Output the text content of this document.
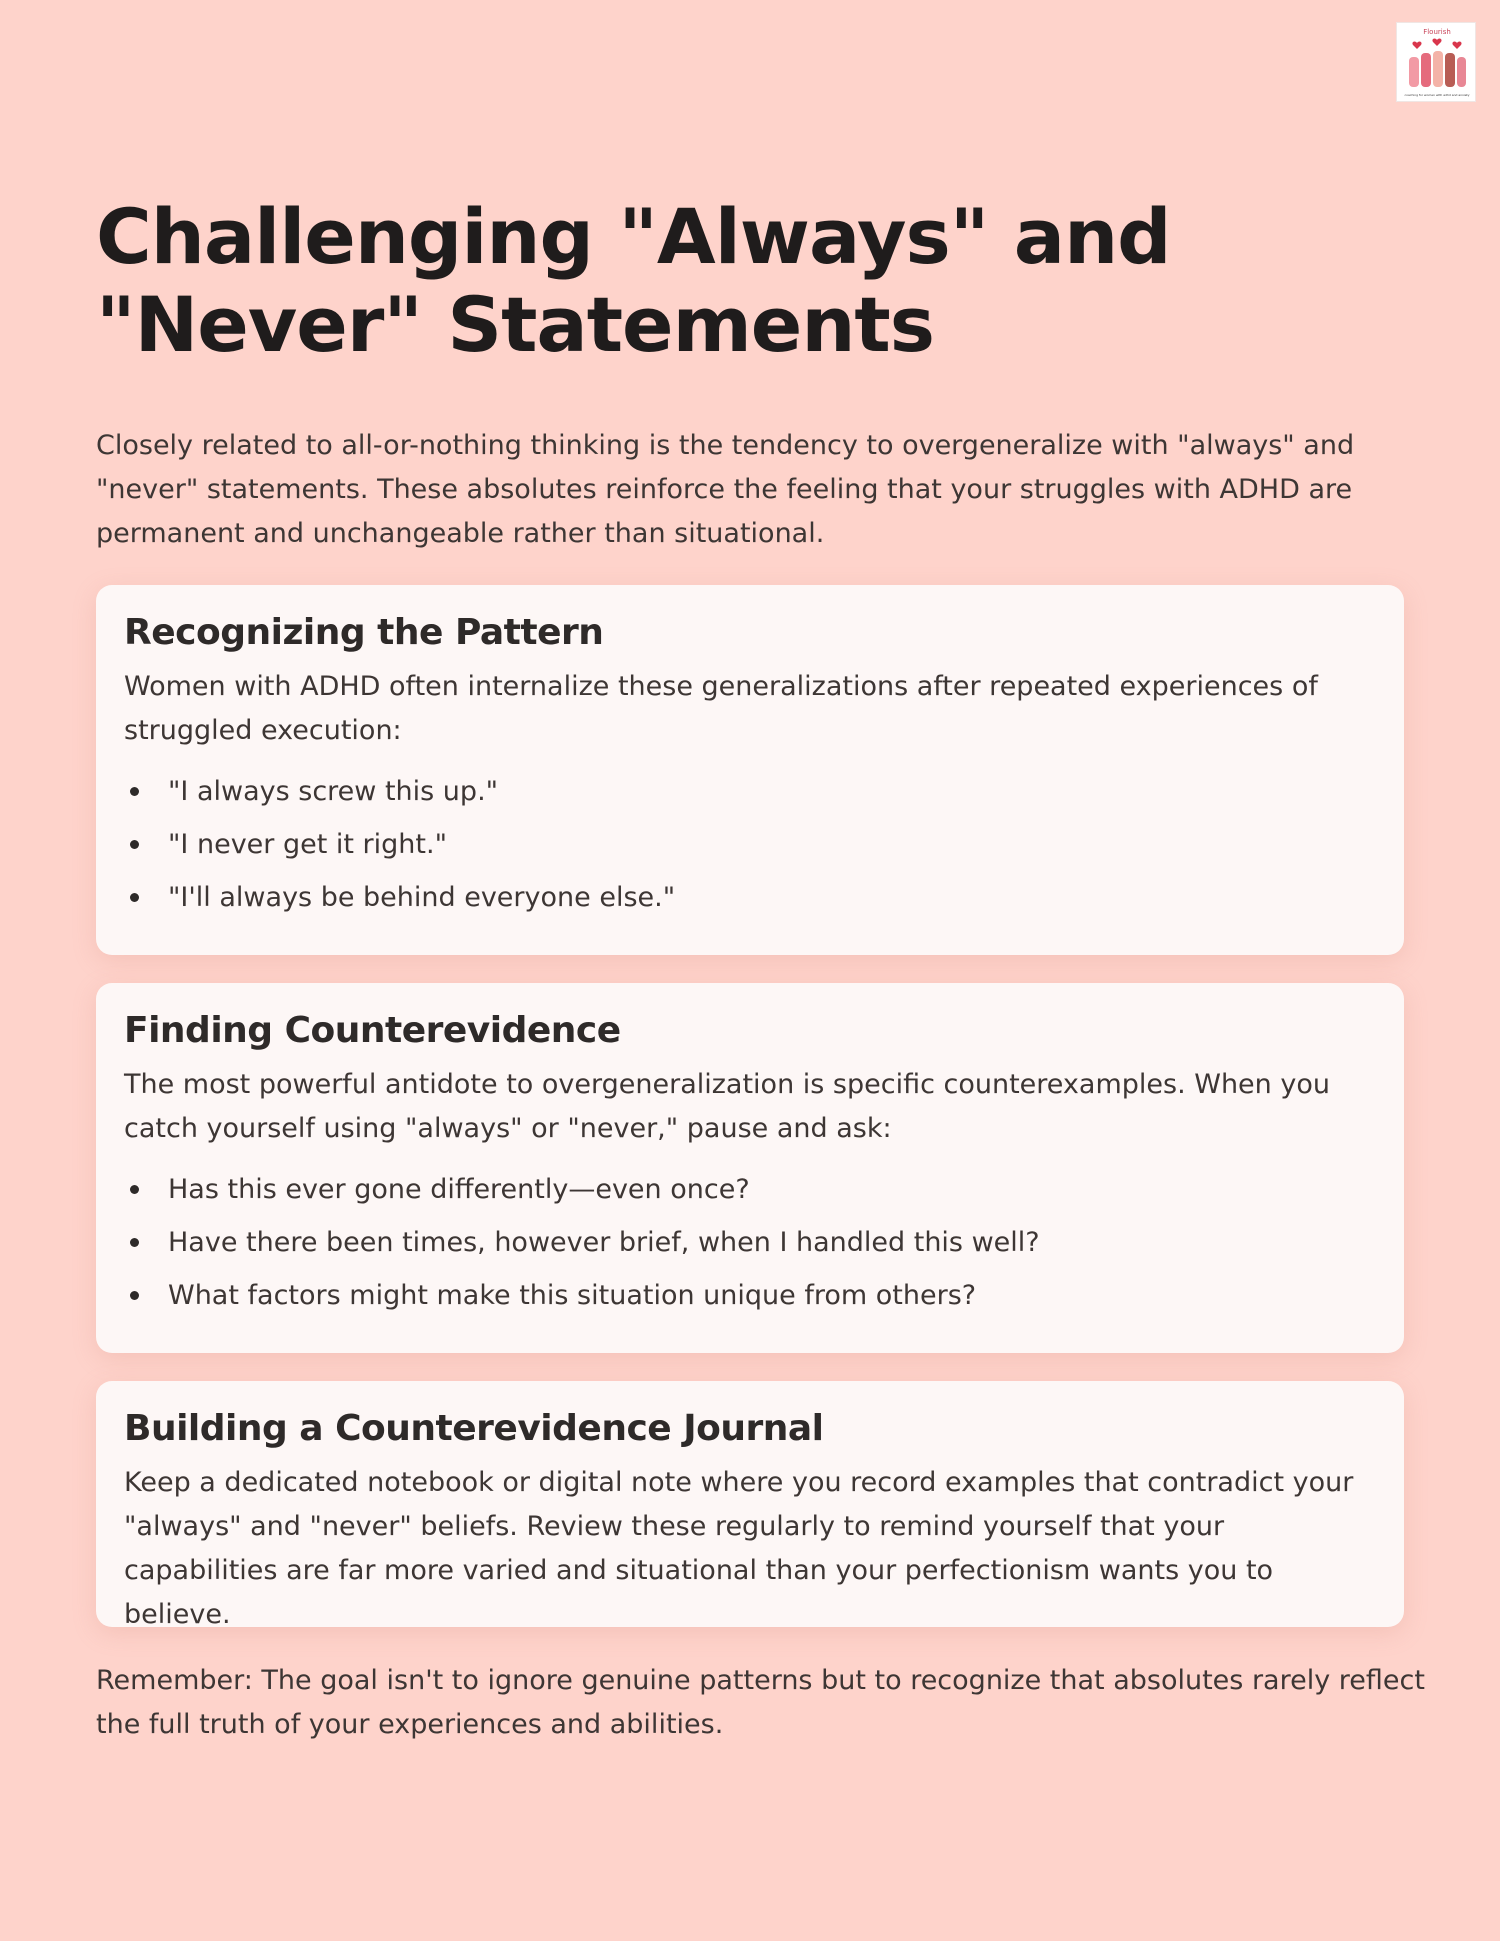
Flourish
coaching for women with adhd and anxiety
Challenging "Always" and "Never" Statements

Closely related to all-or-nothing thinking is the tendency to overgeneralize with "always" and "never" statements. These absolutes reinforce the feeling that your struggles with ADHD are permanent and unchangeable rather than situational.

Recognizing the Pattern

Women with ADHD often internalize these generalizations after repeated experiences of struggled execution:

"I always screw this up."
"I never get it right."
"I'll always be behind everyone else."
Finding Counterevidence

The most powerful antidote to overgeneralization is specific counterexamples. When you catch yourself using "always" or "never," pause and ask:

Has this ever gone differently—even once?
Have there been times, however brief, when I handled this well?
What factors might make this situation unique from others?
Building a Counterevidence Journal

Keep a dedicated notebook or digital note where you record examples that contradict your "always" and "never" beliefs. Review these regularly to remind yourself that your capabilities are far more varied and situational than your perfectionism wants you to believe.

Remember: The goal isn't to ignore genuine patterns but to recognize that absolutes rarely reflect the full truth of your experiences and abilities.
